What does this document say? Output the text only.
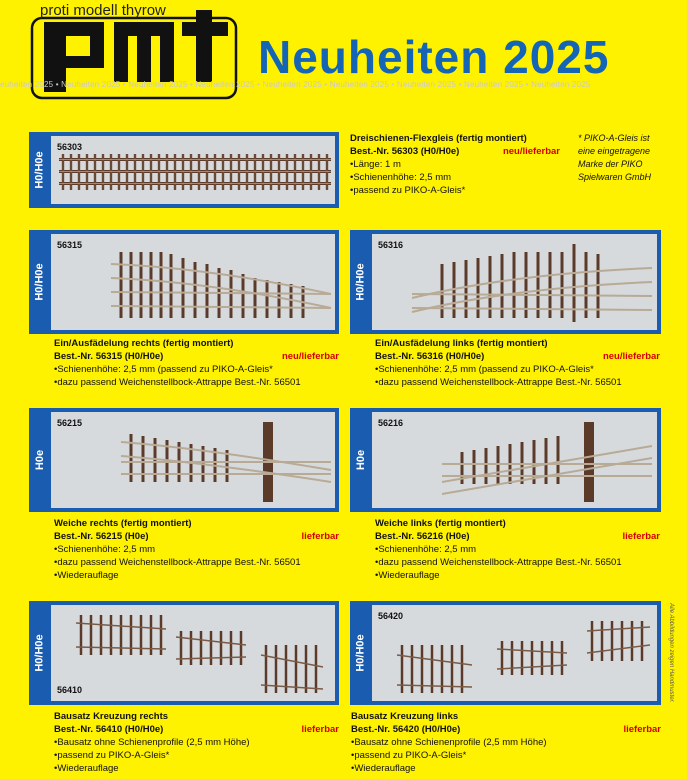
proti modell thyrow
Neuheiten 2025
euheiten 2025 • Neuheiten 2025 • Neuheiten 2025 • Neuheiten 2025 • Neuheiten 2025 • Neuheiten 2025 • Neuheiten 2025 • Neuheiten 2025 • Neuheiten 2025
H0/H0e
56303
Dreischienen-Flexgleis (fertig montiert)
Best.-Nr. 56303 (H0/H0e)	neu/lieferbar
• Länge: 1 m
• Schienenhöhe: 2,5 mm
• passend zu PIKO-A-Gleis*
* PIKO-A-Gleis ist eine eingetragene Marke der PIKO Spielwaren GmbH
H0/H0e
56315
Ein/Ausfädelung rechts (fertig montiert)
Best.-Nr. 56315 (H0/H0e)	neu/lieferbar
• Schienenhöhe: 2,5 mm (passend zu PIKO-A-Gleis*
• dazu passend Weichenstellbock-Attrappe Best.-Nr. 56501
H0/H0e
56316
Ein/Ausfädelung links (fertig montiert)
Best.-Nr. 56316 (H0/H0e)	neu/lieferbar
• Schienenhöhe: 2,5 mm (passend zu PIKO-A-Gleis*
• dazu passend Weichenstellbock-Attrappe Best.-Nr. 56501
H0e
56215
Weiche rechts (fertig montiert)
Best.-Nr. 56215 (H0e)	lieferbar
• Schienenhöhe: 2,5 mm
• dazu passend Weichenstellbock-Attrappe Best.-Nr. 56501
• Wiederauflage
H0e
56216
Weiche links (fertig montiert)
Best.-Nr. 56216 (H0e)	lieferbar
• Schienenhöhe: 2,5 mm
• dazu passend Weichenstellbock-Attrappe Best.-Nr. 56501
• Wiederauflage
H0/H0e
56410
Bausatz Kreuzung rechts
Best.-Nr. 56410 (H0/H0e)	lieferbar
• Bausatz ohne Schienenprofile (2,5 mm Höhe)
• passend zu PIKO-A-Gleis*
• Wiederauflage
H0/H0e
56420
Bausatz Kreuzung links
Best.-Nr. 56420 (H0/H0e)	lieferbar
• Bausatz ohne Schienenprofile (2,5 mm Höhe)
• passend zu PIKO-A-Gleis*
• Wiederauflage
Alle Abbildungen zeigen Handmuster.
